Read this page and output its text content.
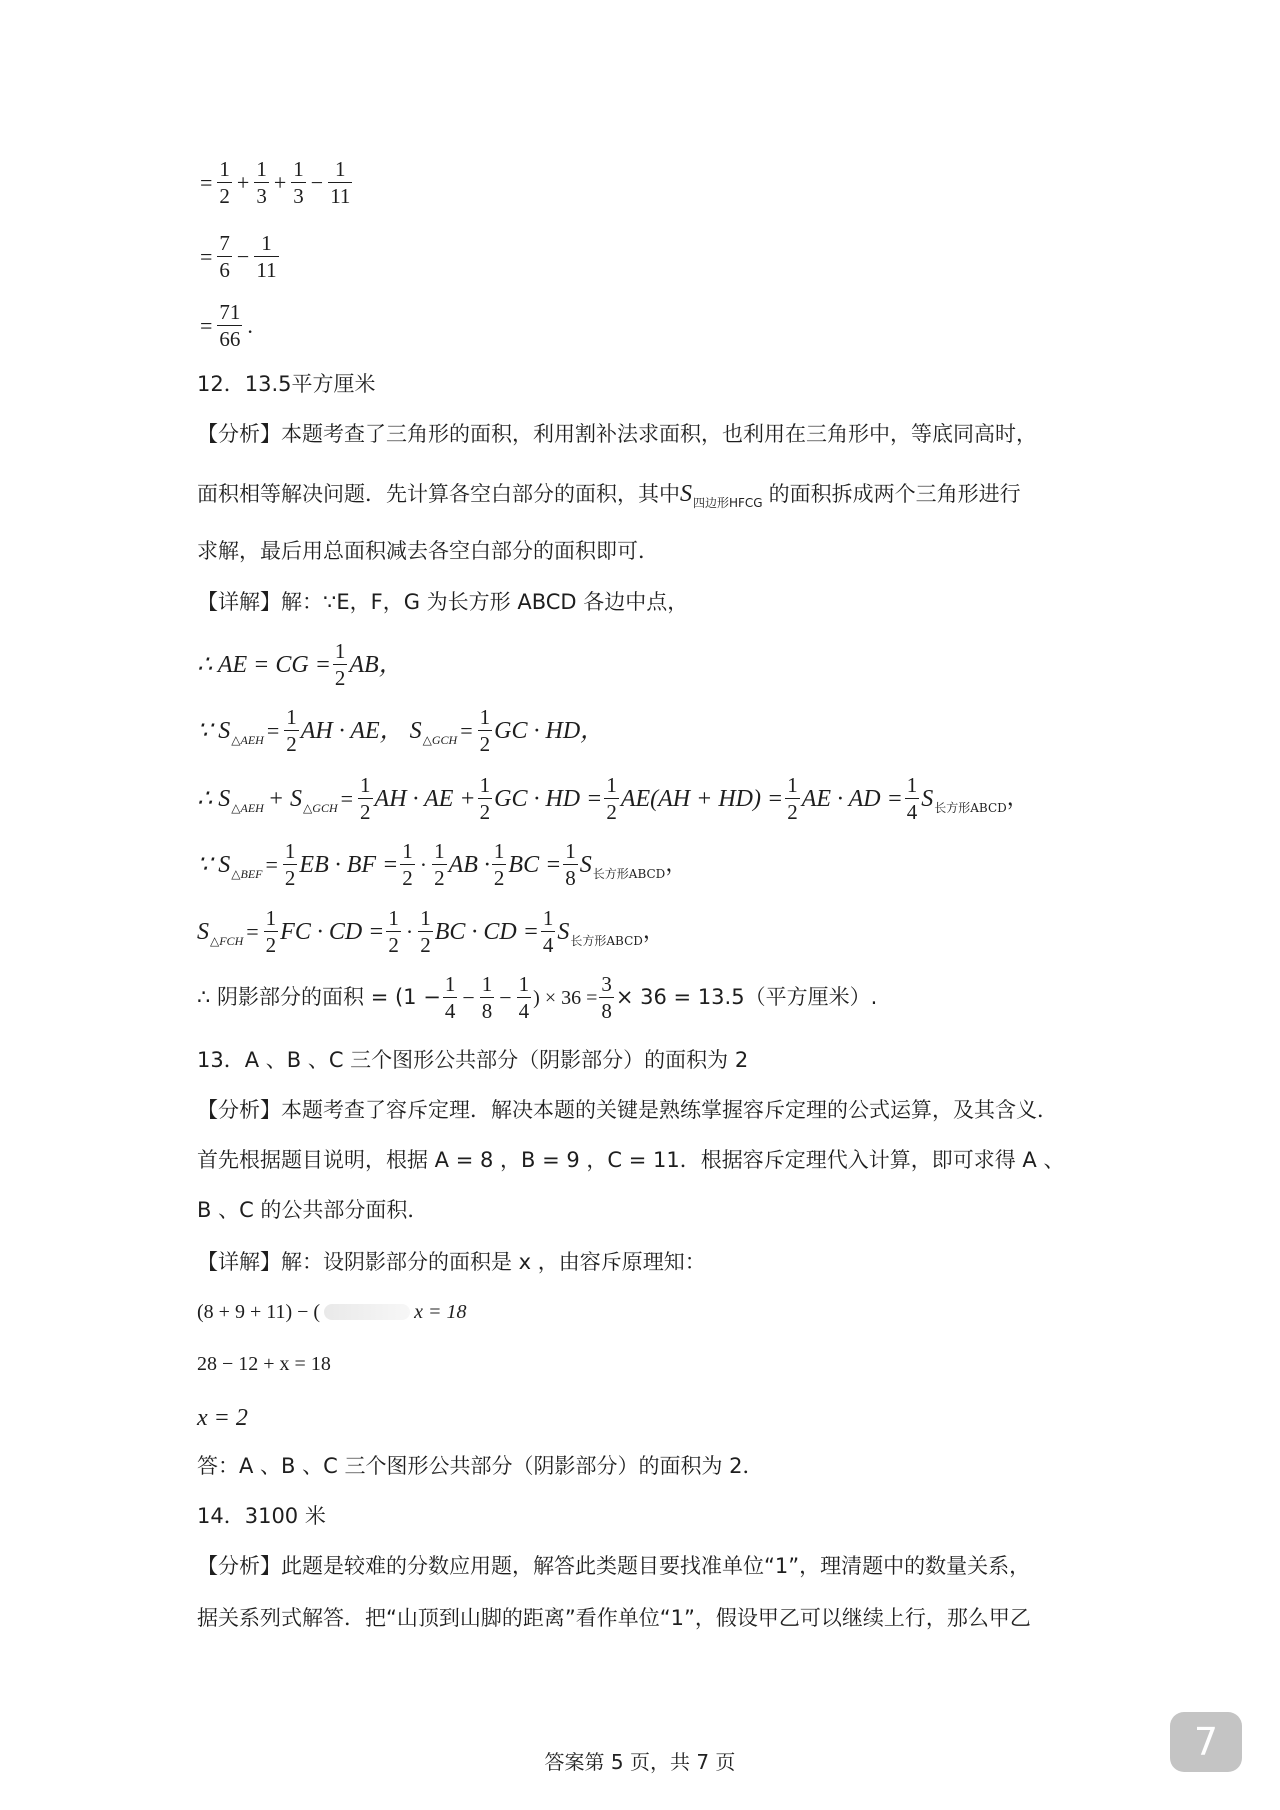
= $\frac{1}{2} + \frac{1}{3} + \frac{1}{3} - \frac{1}{11}$
= $\frac{7}{6} - \frac{1}{11}$
= $\frac{71}{66}$ .
12．13.5平方厘米
【分析】本题考查了三角形的面积，利用割补法求面积，也利用在三角形中，等底同高时，
面积相等解决问题．先计算各空白部分的面积，其中 S 四边形HFCG 的面积拆成两个三角形进行
求解，最后用总面积减去各空白部分的面积即可．
【详解】解：∵E，F，G 为长方形 ABCD 各边中点，
∴ AE = CG = $\frac{1}{2}$ AB，
∵ S △AEH = $\frac{1}{2}$ AH · AE， S △GCH = $\frac{1}{2}$ GC · HD，
∴ S △AEH + S △GCH = $\frac{1}{2}$ AH · AE + $\frac{1}{2}$ GC · HD = $\frac{1}{2} AE(AH + HD) = \frac{1}{2}$ AE · AD = $\frac{1}{4}$ S 长方形ABCD ，
∵ S △BEF = $\frac{1}{2}$ EB · BF = $\frac{1}{2} \cdot \frac{1}{2}$ AB · $\frac{1}{2}$ BC = $\frac{1}{8}$ S 长方形ABCD ，
S △FCH = $\frac{1}{2}$ FC · CD = $\frac{1}{2} \cdot \frac{1}{2}$ BC · CD = $\frac{1}{4}$ S 长方形ABCD ，
∴ 阴影部分的面积 = ($1 - \frac{1}{4} - \frac{1}{8} - \frac{1}{4}$ ) × $36 = \frac{3}{8} \times 36 = 13.5$（平方厘米）.
13．A 、B 、C 三个图形公共部分（阴影部分）的面积为 2
【分析】本题考查了容斥定理．解决本题的关键是熟练掌握容斥定理的公式运算，及其含义．
首先根据题目说明，根据 A = 8 ，B = 9 ，C = 11．根据容斥定理代入计算，即可求得 A 、
B 、C 的公共部分面积．
【详解】解：设阴影部分的面积是 x ，由容斥原理知：
(8 + 9 + 11) − (	x = 18
28 − 12 + x = 18
x = 2
答：A 、B 、C 三个图形公共部分（阴影部分）的面积为 2．
14．3100 米
【分析】此题是较难的分数应用题，解答此类题目要找准单位“1”，理清题中的数量关系，
据关系列式解答．把“山顶到山脚的距离”看作单位“1”，假设甲乙可以继续上行，那么甲乙
答案第 5 页，共 7 页	7
